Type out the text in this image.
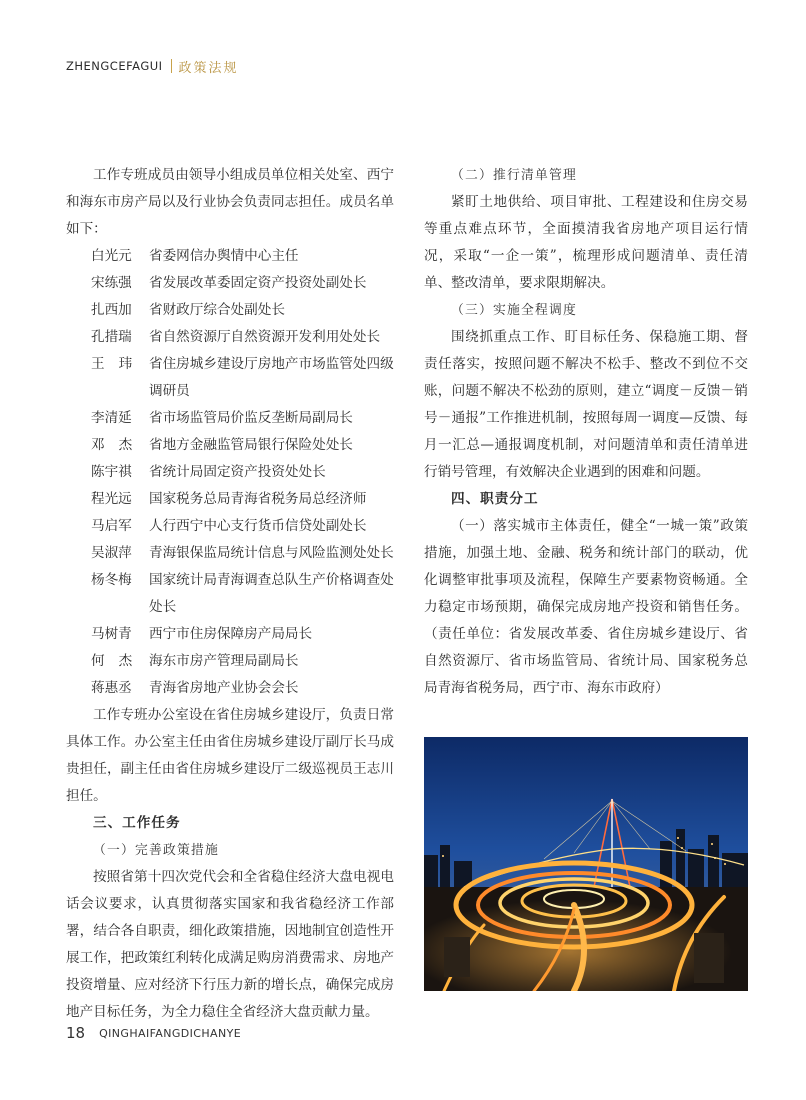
ZHENGCEFAGUI 政策法规

工作专班成员由领导小组成员单位相关处室、西宁和海东市房产局以及行业协会负责同志担任。成员名单如下：

白光元	省委网信办舆情中心主任
宋练强	省发展改革委固定资产投资处副处长
扎西加	省财政厅综合处副处长
孔措瑞	省自然资源厅自然资源开发利用处处长
王玮 省住房城乡建设厅房地产市场监管处四级调研员
李清延	省市场监管局价监反垄断局副局长
邓杰 省地方金融监管局银行保险处处长
陈宇祺	省统计局固定资产投资处处长
程光远	国家税务总局青海省税务局总经济师
马启军	人行西宁中心支行货币信贷处副处长
吴淑萍	青海银保监局统计信息与风险监测处处长
杨冬梅	国家统计局青海调查总队生产价格调查处处长
马树青	西宁市住房保障房产局局长
何杰 海东市房产管理局副局长
蒋惠丞	青海省房地产业协会会长

工作专班办公室设在省住房城乡建设厅，负责日常具体工作。办公室主任由省住房城乡建设厅副厅长马成贵担任，副主任由省住房城乡建设厅二级巡视员王志川担任。

三、工作任务

（一）完善政策措施

按照省第十四次党代会和全省稳住经济大盘电视电话会议要求，认真贯彻落实国家和我省稳经济工作部署，结合各自职责，细化政策措施，因地制宜创造性开展工作，把政策红利转化成满足购房消费需求、房地产投资增量、应对经济下行压力新的增长点，确保完成房地产目标任务，为全力稳住全省经济大盘贡献力量。

（二）推行清单管理

紧盯土地供给、项目审批、工程建设和住房交易等重点难点环节，全面摸清我省房地产项目运行情况，采取“一企一策”，梳理形成问题清单、责任清单、整改清单，要求限期解决。

（三）实施全程调度

围绕抓重点工作、盯目标任务、保稳施工期、督责任落实，按照问题不解决不松手、整改不到位不交账，问题不解决不松劲的原则，建立“调度－反馈－销号－通报”工作推进机制，按照每周一调度—反馈、每月一汇总—通报调度机制，对问题清单和责任清单进行销号管理，有效解决企业遇到的困难和问题。

四、职责分工

（一）落实城市主体责任，健全“一城一策”政策措施，加强土地、金融、税务和统计部门的联动，优化调整审批事项及流程，保障生产要素物资畅通。全力稳定市场预期，确保完成房地产投资和销售任务。（责任单位：省发展改革委、省住房城乡建设厅、省自然资源厅、省市场监管局、省统计局、国家税务总局青海省税务局，西宁市、海东市政府）

18 QINGHAIFANGDICHANYE
